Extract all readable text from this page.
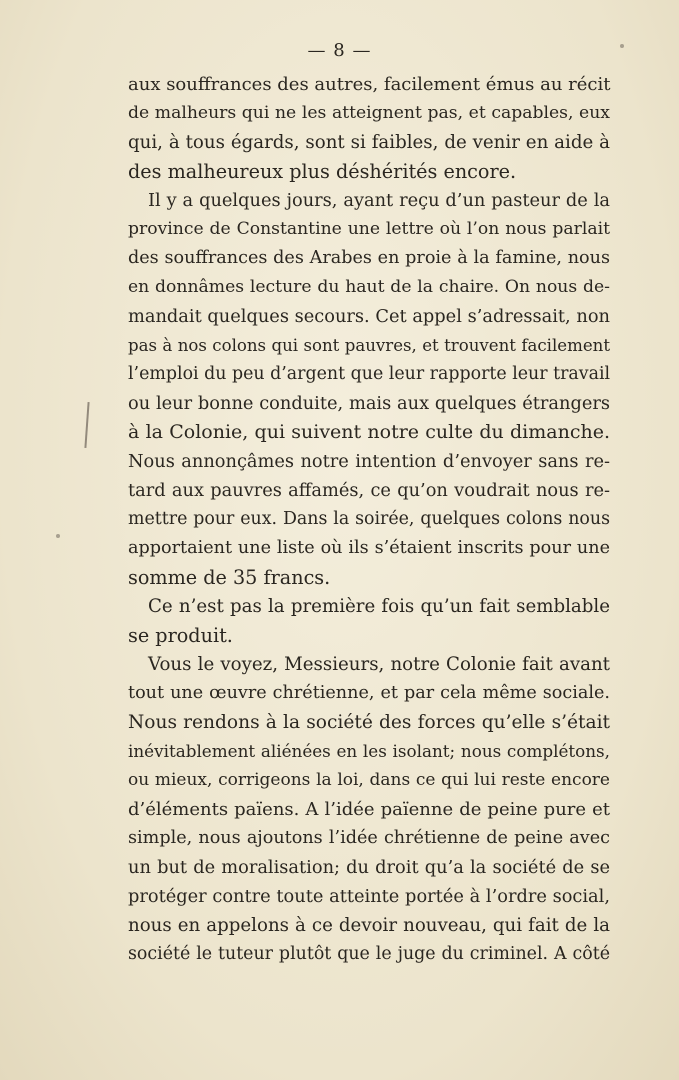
— 8 —
aux souffrances des autres, facilement émus au récit
de malheurs qui ne les atteignent pas, et capables, eux
qui, à tous égards, sont si faibles, de venir en aide à
des malheureux plus déshérités encore.
Il y a quelques jours, ayant reçu d’un pasteur de la
province de Constantine une lettre où l’on nous parlait
des souffrances des Arabes en proie à la famine, nous
en donnâmes lecture du haut de la chaire. On nous de-
mandait quelques secours. Cet appel s’adressait, non
pas à nos colons qui sont pauvres, et trouvent facilement
l’emploi du peu d’argent que leur rapporte leur travail
ou leur bonne conduite, mais aux quelques étrangers
à la Colonie, qui suivent notre culte du dimanche.
Nous annonçâmes notre intention d’envoyer sans re-
tard aux pauvres affamés, ce qu’on voudrait nous re-
mettre pour eux. Dans la soirée, quelques colons nous
apportaient une liste où ils s’étaient inscrits pour une
somme de 35 francs.
Ce n’est pas la première fois qu’un fait semblable
se produit.
Vous le voyez, Messieurs, notre Colonie fait avant
tout une œuvre chrétienne, et par cela même sociale.
Nous rendons à la société des forces qu’elle s’était
inévitablement aliénées en les isolant; nous complétons,
ou mieux, corrigeons la loi, dans ce qui lui reste encore
d’éléments païens. A l’idée païenne de peine pure et
simple, nous ajoutons l’idée chrétienne de peine avec
un but de moralisation; du droit qu’a la société de se
protéger contre toute atteinte portée à l’ordre social,
nous en appelons à ce devoir nouveau, qui fait de la
société le tuteur plutôt que le juge du criminel. A côté
